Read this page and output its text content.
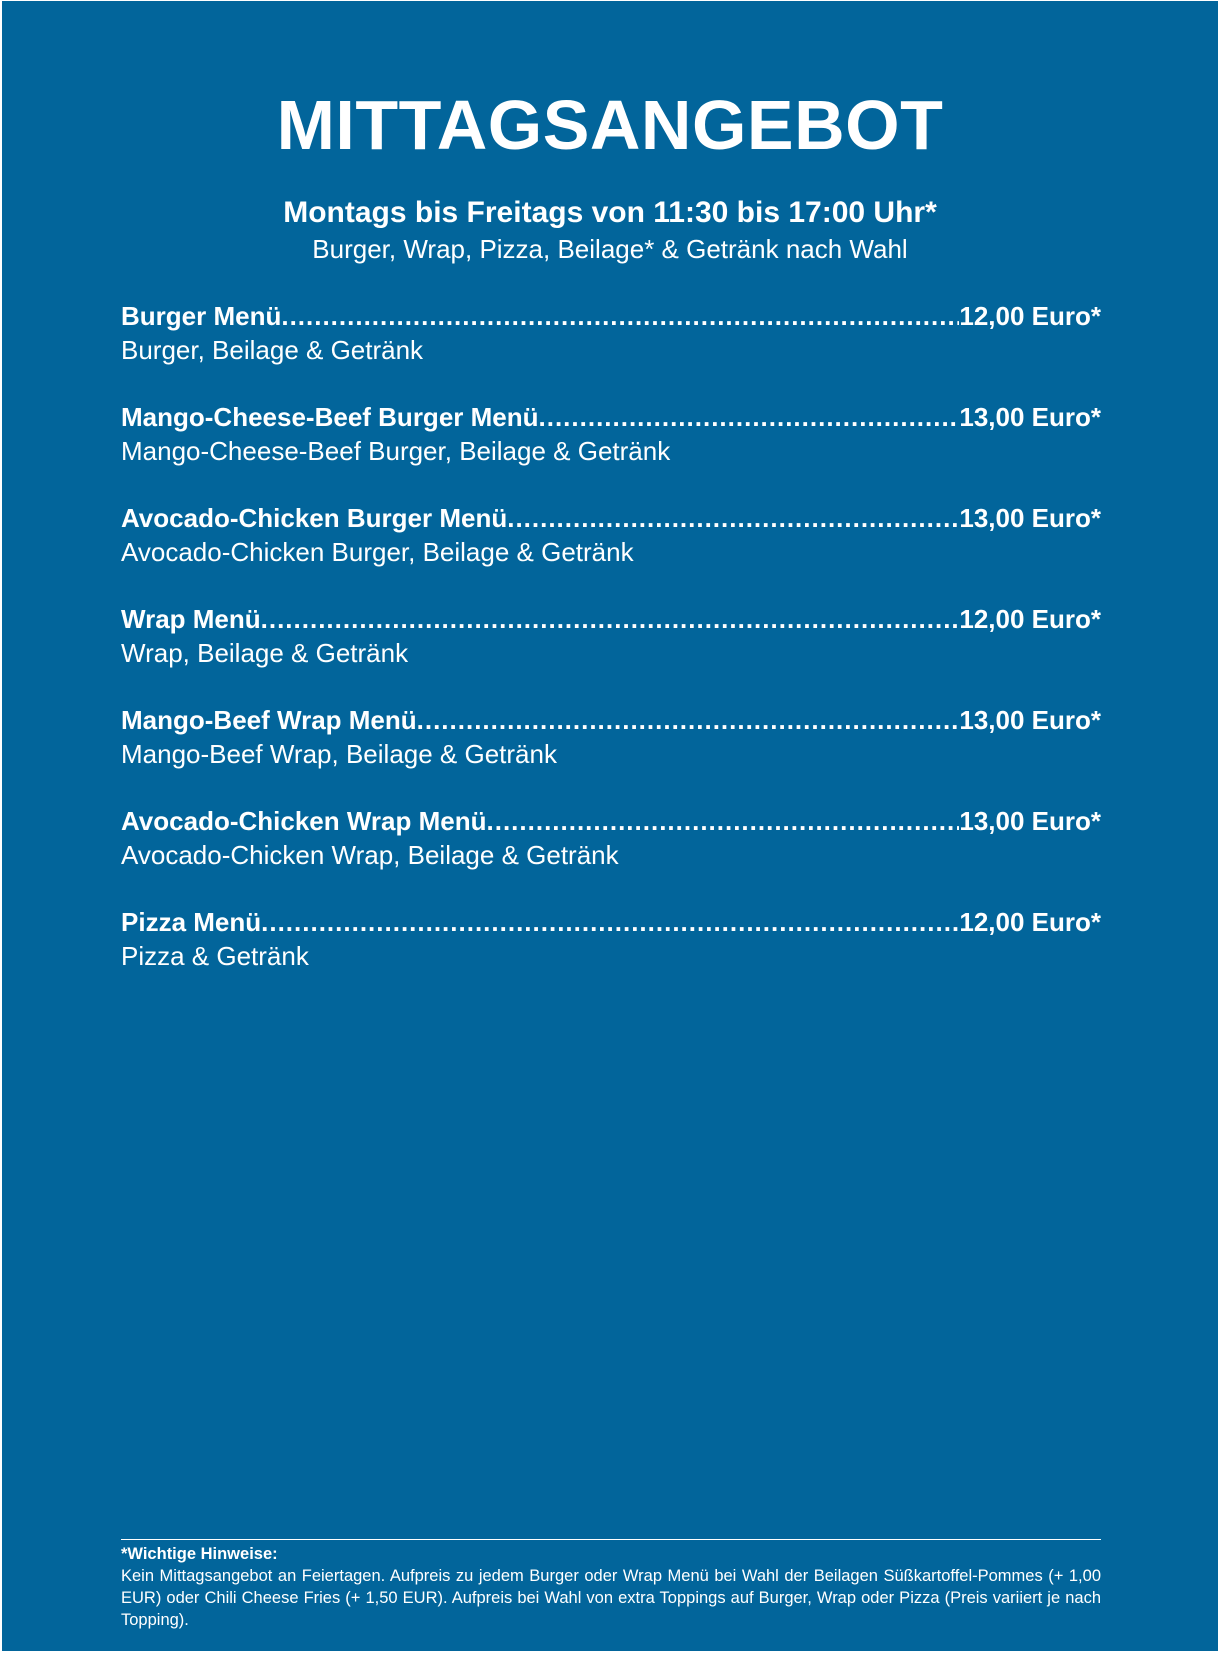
MITTAGSANGEBOT
Montags bis Freitags von 11:30 bis 17:00 Uhr*
Burger, Wrap, Pizza, Beilage* & Getränk nach Wahl
Burger Menü .....	12,00 Euro*
Burger, Beilage & Getränk
Mango-Cheese-Beef Burger Menü .....	13,00 Euro*
Mango-Cheese-Beef Burger, Beilage & Getränk
Avocado-Chicken Burger Menü .....	13,00 Euro*
Avocado-Chicken Burger, Beilage & Getränk
Wrap Menü .....	12,00 Euro*
Wrap, Beilage & Getränk
Mango-Beef Wrap Menü .....	13,00 Euro*
Mango-Beef Wrap, Beilage & Getränk
Avocado-Chicken Wrap Menü .....	13,00 Euro*
Avocado-Chicken Wrap, Beilage & Getränk
Pizza Menü .....	12,00 Euro*
Pizza & Getränk
*Wichtige Hinweise:
Kein Mittagsangebot an Feiertagen. Aufpreis zu jedem Burger oder Wrap Menü bei Wahl der Beilagen Süßkartoffel-Pommes (+ 1,00 EUR) oder Chili Cheese Fries (+ 1,50 EUR). Aufpreis bei Wahl von extra Toppings auf Burger, Wrap oder Pizza (Preis variiert je nach Topping).
